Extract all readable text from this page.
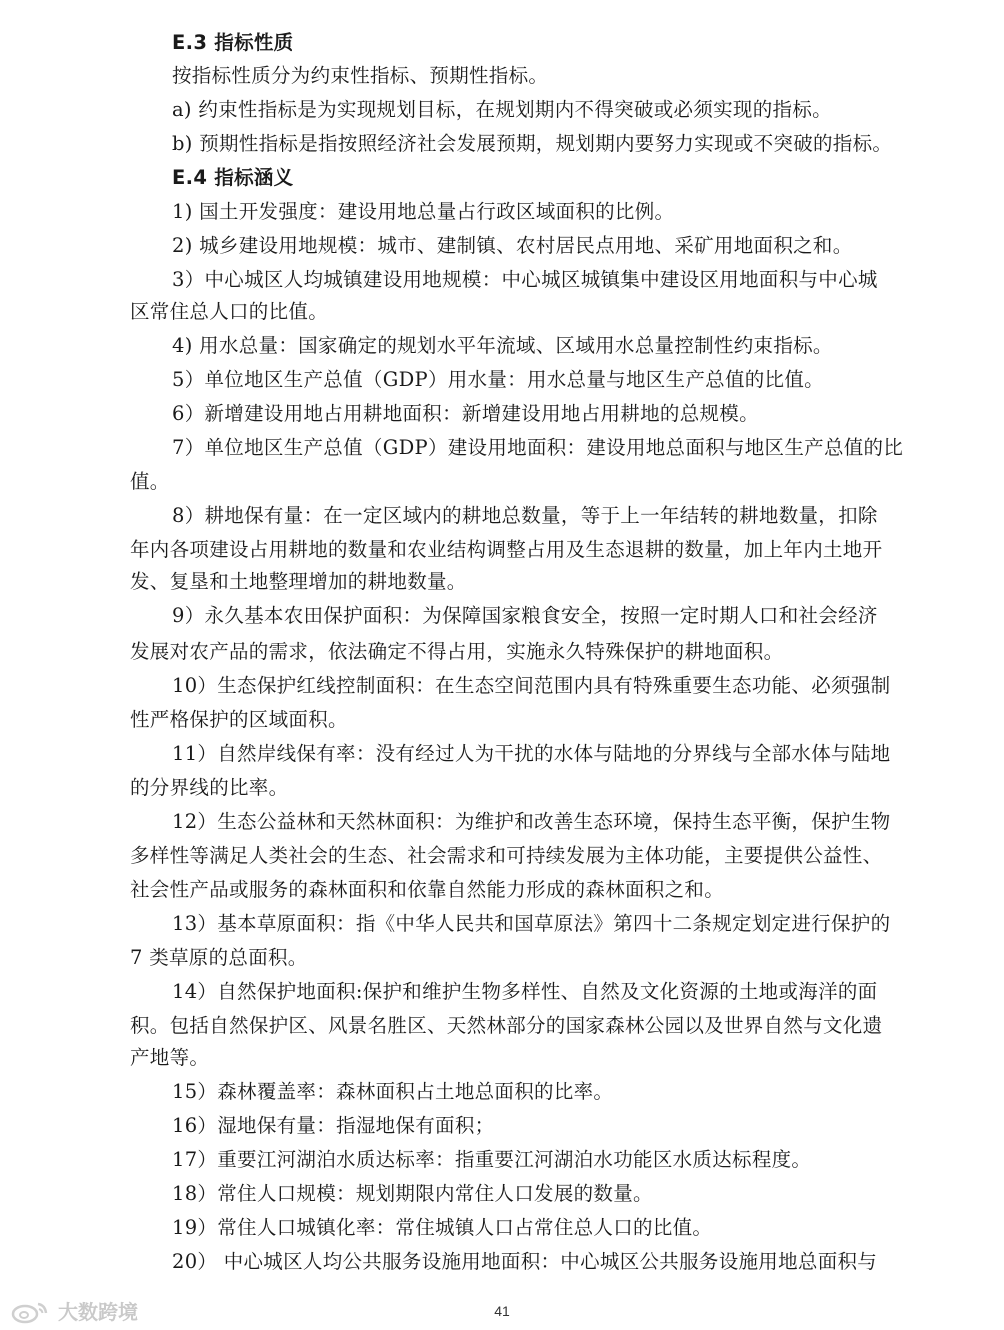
E.3 指标性质
按指标性质分为约束性指标、预期性指标。
a) 约束性指标是为实现规划目标，在规划期内不得突破或必须实现的指标。
b) 预期性指标是指按照经济社会发展预期，规划期内要努力实现或不突破的指标。
E.4 指标涵义
1) 国土开发强度：建设用地总量占行政区域面积的比例。
2) 城乡建设用地规模：城市、建制镇、农村居民点用地、采矿用地面积之和。
3）中心城区人均城镇建设用地规模：中心城区城镇集中建设区用地面积与中心城
区常住总人口的比值。
4) 用水总量：国家确定的规划水平年流域、区域用水总量控制性约束指标。
5）单位地区生产总值（GDP）用水量：用水总量与地区生产总值的比值。
6）新增建设用地占用耕地面积：新增建设用地占用耕地的总规模。
7）单位地区生产总值（GDP）建设用地面积：建设用地总面积与地区生产总值的比
值。
8）耕地保有量：在一定区域内的耕地总数量，等于上一年结转的耕地数量，扣除
年内各项建设占用耕地的数量和农业结构调整占用及生态退耕的数量，加上年内土地开
发、复垦和土地整理增加的耕地数量。
9）永久基本农田保护面积：为保障国家粮食安全，按照一定时期人口和社会经济
发展对农产品的需求，依法确定不得占用，实施永久特殊保护的耕地面积。
10）生态保护红线控制面积：在生态空间范围内具有特殊重要生态功能、必须强制
性严格保护的区域面积。
11）自然岸线保有率：没有经过人为干扰的水体与陆地的分界线与全部水体与陆地
的分界线的比率。
12）生态公益林和天然林面积：为维护和改善生态环境，保持生态平衡，保护生物
多样性等满足人类社会的生态、社会需求和可持续发展为主体功能，主要提供公益性、
社会性产品或服务的森林面积和依靠自然能力形成的森林面积之和。
13）基本草原面积：指《中华人民共和国草原法》第四十二条规定划定进行保护的
7 类草原的总面积。
14）自然保护地面积:保护和维护生物多样性、自然及文化资源的土地或海洋的面
积。包括自然保护区、风景名胜区、天然林部分的国家森林公园以及世界自然与文化遗
产地等。
15）森林覆盖率：森林面积占土地总面积的比率。
16）湿地保有量：指湿地保有面积；
17）重要江河湖泊水质达标率：指重要江河湖泊水功能区水质达标程度。
18）常住人口规模：规划期限内常住人口发展的数量。
19）常住人口城镇化率：常住城镇人口占常住总人口的比值。
20） 中心城区人均公共服务设施用地面积：中心城区公共服务设施用地总面积与
41
大数跨境
